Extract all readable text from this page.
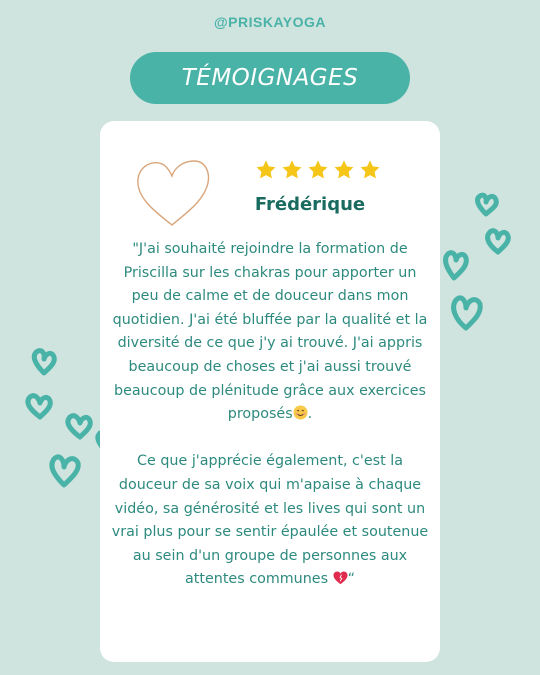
@PRISKAYOGA
TÉMOIGNAGES
Frédérique

"J'ai souhaité rejoindre la formation de Priscilla sur les chakras pour apporter un peu de calme et de douceur dans mon quotidien. J'ai été bluffée par la qualité et la diversité de ce que j'y ai trouvé. J'ai appris beaucoup de choses et j'ai aussi trouvé beaucoup de plénitude grâce aux exercices proposés .

Ce que j'apprécie également, c'est la douceur de sa voix qui m'apaise à chaque vidéo, sa générosité et les lives qui sont un vrai plus pour se sentir épaulée et soutenue au sein d'un groupe de personnes aux attentes communes “
